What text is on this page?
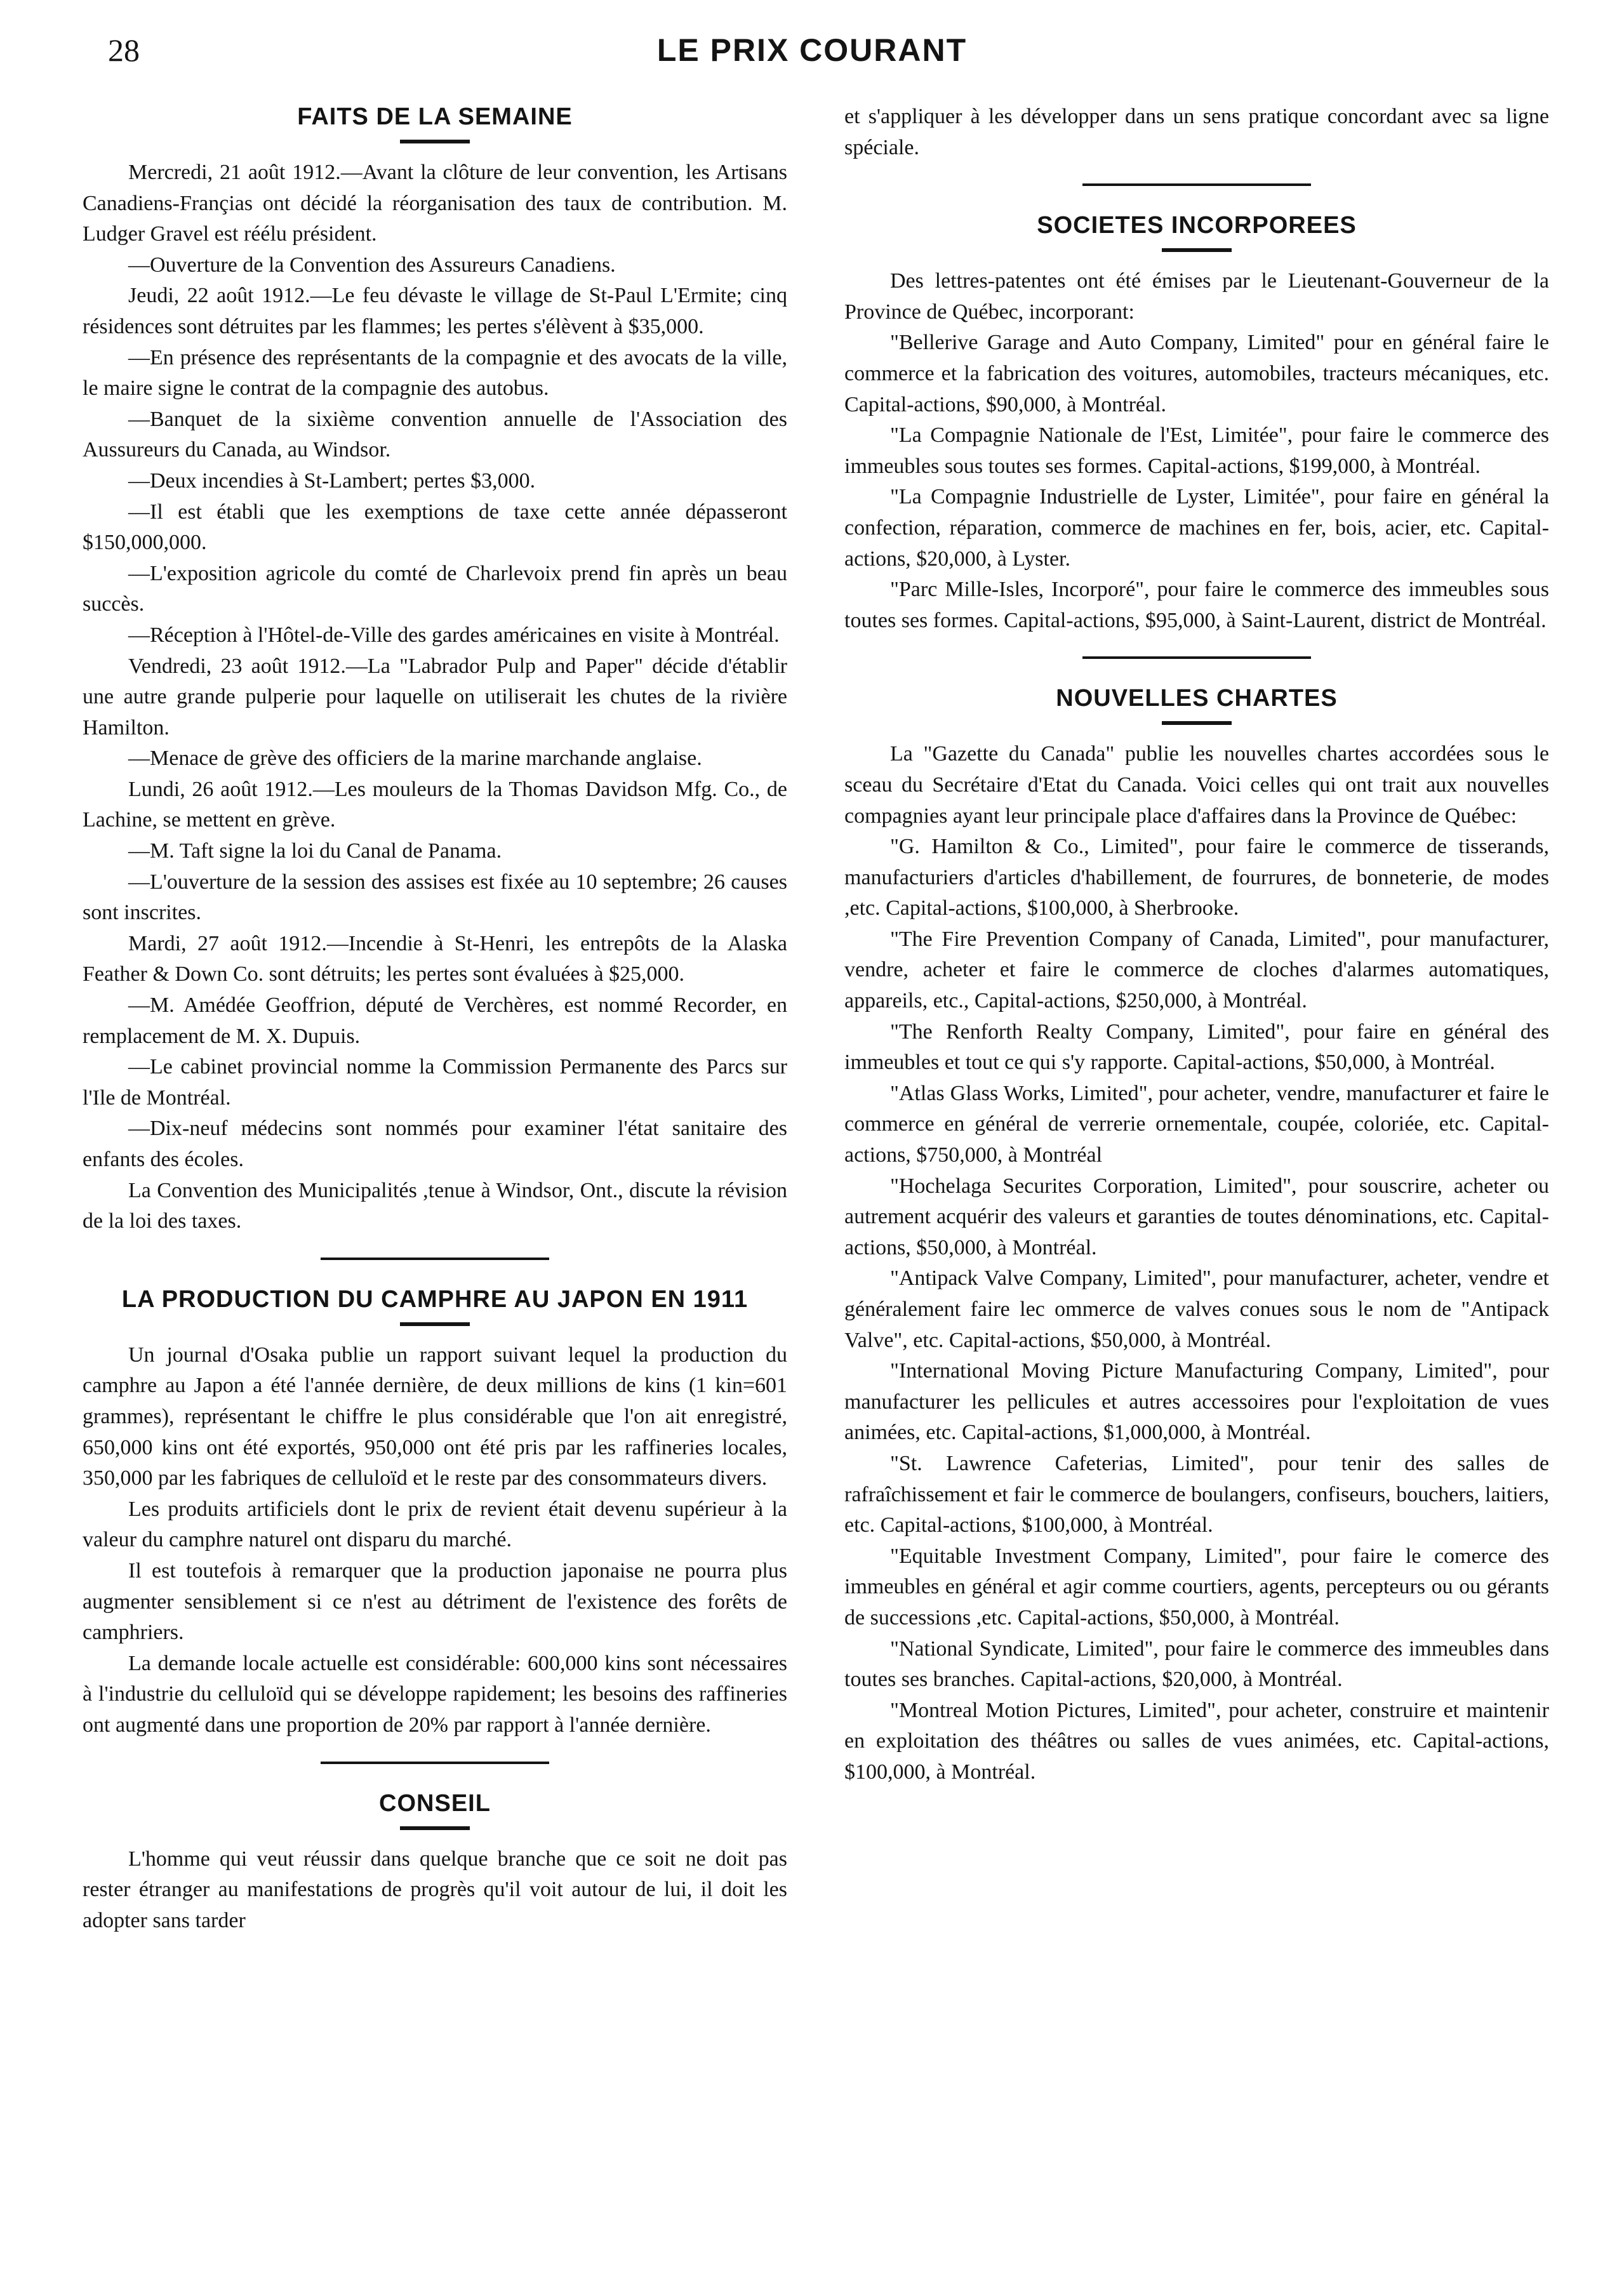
28	LE PRIX COURANT
FAITS DE LA SEMAINE

Mercredi, 21 août 1912.—Avant la clôture de leur convention, les Artisans Canadiens-Françias ont décidé la réorganisation des taux de contribution. M. Ludger Gravel est réélu président.

—Ouverture de la Convention des Assureurs Canadiens.

Jeudi, 22 août 1912.—Le feu dévaste le village de St-Paul L'Ermite; cinq résidences sont détruites par les flammes; les pertes s'élèvent à $35,000.

—En présence des représentants de la compagnie et des avocats de la ville, le maire signe le contrat de la compagnie des autobus.

—Banquet de la sixième convention annuelle de l'Association des Aussureurs du Canada, au Windsor.

—Deux incendies à St-Lambert; pertes $3,000.

—Il est établi que les exemptions de taxe cette année dépasseront $150,000,000.

—L'exposition agricole du comté de Charlevoix prend fin après un beau succès.

—Réception à l'Hôtel-de-Ville des gardes américaines en visite à Montréal.

Vendredi, 23 août 1912.—La "Labrador Pulp and Paper" décide d'établir une autre grande pulperie pour laquelle on utiliserait les chutes de la rivière Hamilton.

—Menace de grève des officiers de la marine marchande anglaise.

Lundi, 26 août 1912.—Les mouleurs de la Thomas Davidson Mfg. Co., de Lachine, se mettent en grève.

—M. Taft signe la loi du Canal de Panama.

—L'ouverture de la session des assises est fixée au 10 septembre; 26 causes sont inscrites.

Mardi, 27 août 1912.—Incendie à St-Henri, les entrepôts de la Alaska Feather & Down Co. sont détruits; les pertes sont évaluées à $25,000.

—M. Amédée Geoffrion, député de Verchères, est nommé Recorder, en remplacement de M. X. Dupuis.

—Le cabinet provincial nomme la Commission Permanente des Parcs sur l'Ile de Montréal.

—Dix-neuf médecins sont nommés pour examiner l'état sanitaire des enfants des écoles.

La Convention des Municipalités ,tenue à Windsor, Ont., discute la révision de la loi des taxes.

LA PRODUCTION DU CAMPHRE AU JAPON EN 1911

Un journal d'Osaka publie un rapport suivant lequel la production du camphre au Japon a été l'année dernière, de deux millions de kins (1 kin=601 grammes), représentant le chiffre le plus considérable que l'on ait enregistré, 650,000 kins ont été exportés, 950,000 ont été pris par les raffineries locales, 350,000 par les fabriques de celluloïd et le reste par des consommateurs divers.

Les produits artificiels dont le prix de revient était devenu supérieur à la valeur du camphre naturel ont disparu du marché.

Il est toutefois à remarquer que la production japonaise ne pourra plus augmenter sensiblement si ce n'est au détriment de l'existence des forêts de camphriers.

La demande locale actuelle est considérable: 600,000 kins sont nécessaires à l'industrie du celluloïd qui se développe rapidement; les besoins des raffineries ont augmenté dans une proportion de 20% par rapport à l'année dernière.

CONSEIL

L'homme qui veut réussir dans quelque branche que ce soit ne doit pas rester étranger au manifestations de progrès qu'il voit autour de lui, il doit les adopter sans tarder

et s'appliquer à les développer dans un sens pratique concordant avec sa ligne spéciale.

SOCIETES INCORPOREES

Des lettres-patentes ont été émises par le Lieutenant-Gouverneur de la Province de Québec, incorporant:

"Bellerive Garage and Auto Company, Limited" pour en général faire le commerce et la fabrication des voitures, automobiles, tracteurs mécaniques, etc. Capital-actions, $90,000, à Montréal.

"La Compagnie Nationale de l'Est, Limitée", pour faire le commerce des immeubles sous toutes ses formes. Capital-actions, $199,000, à Montréal.

"La Compagnie Industrielle de Lyster, Limitée", pour faire en général la confection, réparation, commerce de machines en fer, bois, acier, etc. Capital-actions, $20,000, à Lyster.

"Parc Mille-Isles, Incorporé", pour faire le commerce des immeubles sous toutes ses formes. Capital-actions, $95,000, à Saint-Laurent, district de Montréal.

NOUVELLES CHARTES

La "Gazette du Canada" publie les nouvelles chartes accordées sous le sceau du Secrétaire d'Etat du Canada. Voici celles qui ont trait aux nouvelles compagnies ayant leur principale place d'affaires dans la Province de Québec:

"G. Hamilton & Co., Limited", pour faire le commerce de tisserands, manufacturiers d'articles d'habillement, de fourrures, de bonneterie, de modes ,etc. Capital-actions, $100,000, à Sherbrooke.

"The Fire Prevention Company of Canada, Limited", pour manufacturer, vendre, acheter et faire le commerce de cloches d'alarmes automatiques, appareils, etc., Capital-actions, $250,000, à Montréal.

"The Renforth Realty Company, Limited", pour faire en général des immeubles et tout ce qui s'y rapporte. Capital-actions, $50,000, à Montréal.

"Atlas Glass Works, Limited", pour acheter, vendre, manufacturer et faire le commerce en général de verrerie ornementale, coupée, coloriée, etc. Capital-actions, $750,000, à Montréal

"Hochelaga Securites Corporation, Limited", pour souscrire, acheter ou autrement acquérir des valeurs et garanties de toutes dénominations, etc. Capital-actions, $50,000, à Montréal.

"Antipack Valve Company, Limited", pour manufacturer, acheter, vendre et généralement faire lec ommerce de valves conues sous le nom de "Antipack Valve", etc. Capital-actions, $50,000, à Montréal.

"International Moving Picture Manufacturing Company, Limited", pour manufacturer les pellicules et autres accessoires pour l'exploitation de vues animées, etc. Capital-actions, $1,000,000, à Montréal.

"St. Lawrence Cafeterias, Limited", pour tenir des salles de rafraîchissement et fair le commerce de boulangers, confiseurs, bouchers, laitiers, etc. Capital-actions, $100,000, à Montréal.

"Equitable Investment Company, Limited", pour faire le comerce des immeubles en général et agir comme courtiers, agents, percepteurs ou ou gérants de successions ,etc. Capital-actions, $50,000, à Montréal.

"National Syndicate, Limited", pour faire le commerce des immeubles dans toutes ses branches. Capital-actions, $20,000, à Montréal.

"Montreal Motion Pictures, Limited", pour acheter, construire et maintenir en exploitation des théâtres ou salles de vues animées, etc. Capital-actions, $100,000, à Montréal.
